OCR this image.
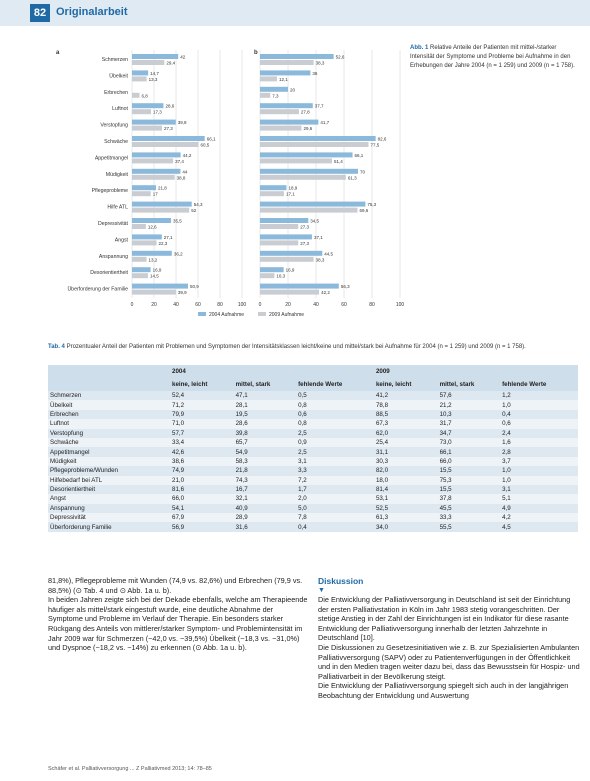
82 Originalarbeit
Schmerzen	42
29,4
Übelkeit	14,7
13,3
Erbrechen	6,8
Luftnot	28,6
17,3
Verstopfung	39,8
27,3
Schwäche	66,1
60,5
Appetitmangel	44,2
37,4
Müdigkeit	44
38,8
Pflegeprobleme	21,8
17
Hilfe ATL	54,3
52
Depressivität	35,5
12,6
Angst	27,1
22,3
Anspannung
36,2
13,2
Desorientiertheit	16,9
14,5
Überforderung der Familie	50,9
39,9
0	20	40	60	80	100
a
52,6
38,3
36
12,1
20
7,3
37,7
27,8
41,7
29,6
82,6
77,5
66,1
51,4
70
61,3
18,9
17,1
75,3
69,6
34,5
27,3
37,1
27,3
44,5
38,3
16,9
10,3
56,3
42,2
0	20	40	60	80	100
b
2004 Aufnahme	2009 Aufnahme
Abb. 1 Relative Anteile der Patienten mit mittel-/starker Intensität der Symptome und Probleme bei Aufnahme in den Erhebungen der Jahre 2004 (n = 1 259) und 2009 (n = 1 758).
Tab. 4 Prozentualer Anteil der Patienten mit Problemen und Symptomen der Intensitätsklassen leicht/keine und mittel/stark bei Aufnahme für 2004 (n = 1 259) und 2009 (n = 1 758).
	2004			2009		
	keine, leicht	mittel, stark	fehlende Werte	keine, leicht	mittel, stark	fehlende Werte
Schmerzen	52,4	47,1	0,5	41,2	57,6	1,2
Übelkeit	71,2	28,1	0,8	78,8	21,2	1,0
Erbrechen	79,9	19,5	0,6	88,5	10,3	0,4
Luftnot	71,0	28,6	0,8	67,3	31,7	0,6
Verstopfung	57,7	39,8	2,5	62,0	34,7	2,4
Schwäche	33,4	65,7	0,9	25,4	73,0	1,6
Appetitmangel	42,6	54,9	2,5	31,1	66,1	2,8
Müdigkeit	38,6	58,3	3,1	30,3	66,0	3,7
Pflegeprobleme/Wunden	74,9	21,8	3,3	82,0	15,5	1,0
Hilfebedarf bei ATL	21,0	74,3	7,2	18,0	75,3	1,0
Desorientiertheit	81,6	16,7	1,7	81,4	15,5	3,1
Angst	66,0	32,1	2,0	53,1	37,8	5,1
Anspannung	54,1	40,9	5,0	52,5	45,5	4,9
Depressivität	67,9	28,9	7,8	61,3	33,3	4,2
Überforderung Familie	56,9	31,6	0,4	34,0	55,5	4,5

81,8%), Pflegeprobleme mit Wunden (74,9 vs. 82,6%) und Erbrechen (79,9 vs. 88,5%) (⊙ Tab. 4 und ⊙ Abb. 1a u. b).

In beiden Jahren zeigte sich bei der Dekade ebenfalls, welche am Therapieende häufiger als mittel/stark eingestuft wurde, eine deutliche Abnahme der Symptome und Probleme im Verlauf der Therapie. Ein besonders starker Rückgang des Anteils von mittlerer/starker Symptom- und Problemintensität im Jahr 2009 war für Schmerzen (−42,0 vs. −39,5%) Übelkeit (−18,3 vs. −31,0%) und Dyspnoe (−18,2 vs. −14%) zu erkennen (⊙ Abb. 1a u. b).

Diskussion
▼

Die Entwicklung der Palliativversorgung in Deutschland ist seit der Einrichtung der ersten Palliativstation in Köln im Jahr 1983 stetig vorangeschritten. Der stetige Anstieg in der Zahl der Einrichtungen ist ein Indikator für diese rasante Entwicklung der Palliativversorgung innerhalb der letzten Jahrzehnte in Deutschland [10].

Die Diskussionen zu Gesetzesinitiativen wie z. B. zur Spezialisierten Ambulanten Palliativversorgung (SAPV) oder zu Patientenverfügungen in der Öffentlichkeit und in den Medien tragen weiter dazu bei, dass das Bewusstsein für Hospiz- und Palliativarbeit in der Bevölkerung steigt.

Die Entwicklung der Palliativversorgung spiegelt sich auch in der langjährigen Beobachtung der Entwicklung und Auswertung

Schäfer et al. Palliativversorgung ... Z Palliativmed 2013; 14: 78–85
